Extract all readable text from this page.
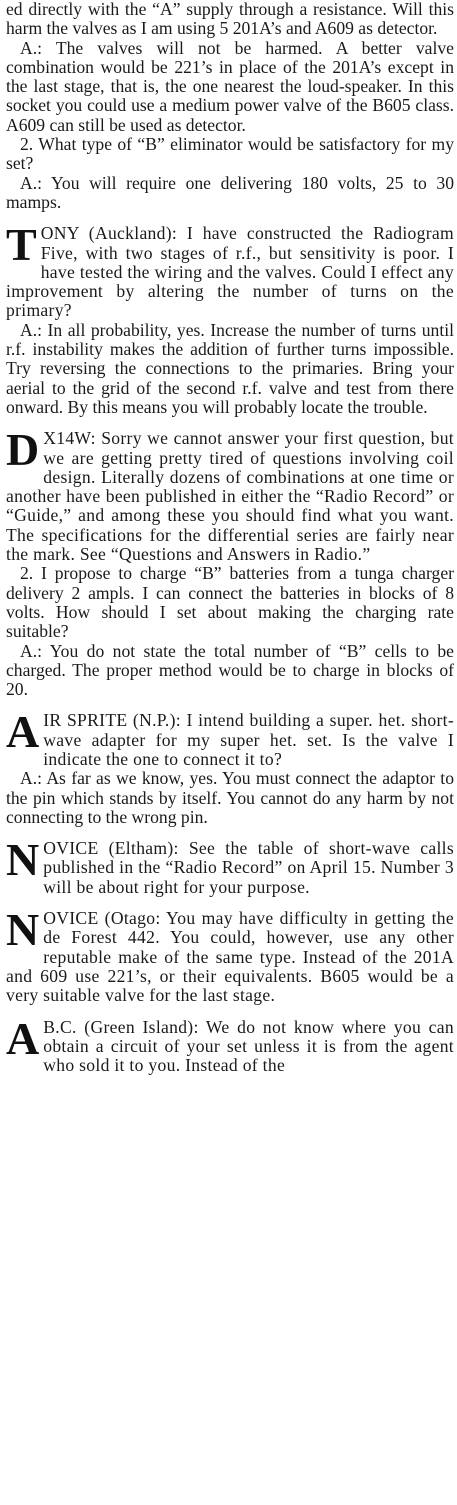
ed directly with the “A” supply through a resistance. Will this harm the valves as I am using 5 201A’s and A609 as detector.

A.: The valves will not be harmed. A better valve combination would be 221’s in place of the 201A’s except in the last stage, that is, the one nearest the loud-speaker. In this socket you could use a medium power valve of the B605 class. A609 can still be used as detector.

2. What type of “B” eliminator would be satisfactory for my set?

A.: You will require one delivering 180 volts, 25 to 30 mamps.

TONY (Auckland): I have constructed the Radiogram Five, with two stages of r.f., but sensitivity is poor. I have tested the wiring and the valves. Could I effect any improvement by altering the number of turns on the primary?

A.: In all probability, yes. Increase the number of turns until r.f. instability makes the addition of further turns impossible. Try reversing the connections to the primaries. Bring your aerial to the grid of the second r.f. valve and test from there onward. By this means you will probably locate the trouble.

D X14W: Sorry we cannot answer your first question, but we are getting pretty tired of questions involving coil design. Literally dozens of combinations at one time or another have been published in either the “Radio Record” or “Guide,” and among these you should find what you want. The specifications for the differential series are fairly near the mark. See “Questions and Answers in Radio.”

2. I propose to charge “B” batteries from a tunga charger delivery 2 ampls. I can connect the batteries in blocks of 8 volts. How should I set about making the charging rate suitable?

A.: You do not state the total number of “B” cells to be charged. The proper method would be to charge in blocks of 20.

AIR SPRITE (N.P.): I intend building a super. het. short-wave adapter for my super het. set. Is the valve I indicate the one to connect it to?

A.: As far as we know, yes. You must connect the adaptor to the pin which stands by itself. You cannot do any harm by not connecting to the wrong pin.

NOVICE (Eltham): See the table of short-wave calls published in the “Radio Record” on April 15. Number 3 will be about right for your purpose.

NOVICE (Otago: You may have difficulty in getting the de Forest 442. You could, however, use any other reputable make of the same type. Instead of the 201A and 609 use 221’s, or their equivalents. B605 would be a very suitable valve for the last stage.

A B.C. (Green Island): We do not know where you can obtain a circuit of your set unless it is from the agent who sold it to you. Instead of the
